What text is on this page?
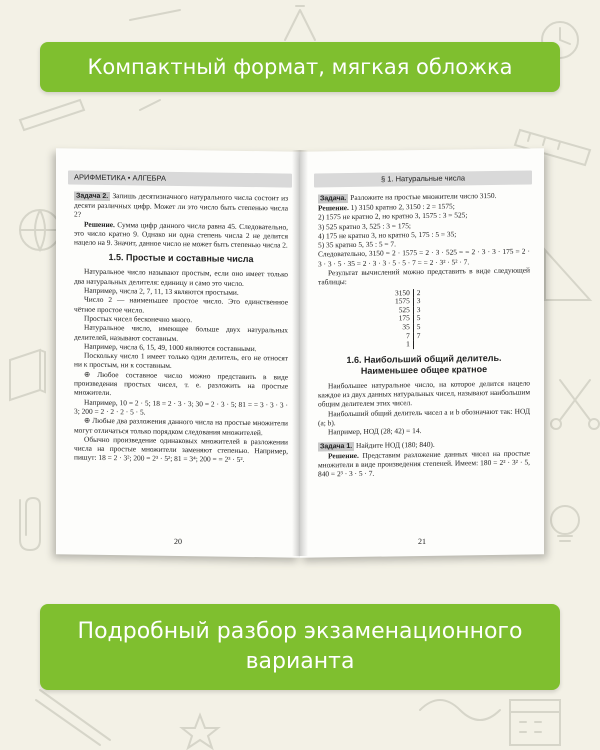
Компактный формат, мягкая обложка
АРИФМЕТИКА • АЛГЕБРА

Задача 2. Запишь десятизначного натурального числа состоит из десяти различных цифр. Может ли это число быть степенью числа 2?

Решение. Сумма цифр данного числа равна 45. Следовательно, это число кратно 9. Однако ни одна степень числа 2 не делится нацело на 9. Значит, данное число не может быть степенью числа 2.

1.5. Простые и составные числа

Натуральное число называют простым, если оно имеет только два натуральных делителя: единицу и само это число.

Например, числа 2, 7, 11, 13 являются простыми.

Число 2 — наименьшее простое число. Это единственное чётное простое число.

Простых чисел бесконечно много.

Натуральное число, имеющее больше двух натуральных делителей, называют составным.

Например, числа 6, 15, 49, 1000 являются составными.

Поскольку число 1 имеет только один делитель, его не относят ни к простым, ни к составным.

⊕ Любое составное число можно представить в виде произведения простых чисел, т. е. разложить на простые множители.

Например, 10 = 2 · 5; 18 = 2 · 3 · 3; 30 = 2 · 3 · 5; 81 = = 3 · 3 · 3 · 3; 200 = 2 · 2 · 2 · 5 · 5.

⊕ Любые два разложения данного числа на простые множители могут отличаться только порядком следования множителей.

Обычно произведение одинаковых множителей в разложении числа на простые множители заменяют степенью. Например, пишут: 18 = 2 · 3²; 200 = 2³ · 5²; 81 = 3⁴; 200 = = 2³ · 5².

20
§ 1. Натуральные числа

Задача. Разложите на простые множители число 3150.

Решение. 1) 3150 кратно 2, 3150 : 2 = 1575;

2) 1575 не кратно 2, но кратно 3, 1575 : 3 = 525;

3) 525 кратно 3, 525 : 3 = 175;

4) 175 не кратно 3, но кратно 5, 175 : 5 = 35;

5) 35 кратно 5, 35 : 5 = 7.

Следовательно, 3150 = 2 · 1575 = 2 · 3 · 525 = = 2 · 3 · 3 · 175 = 2 · 3 · 3 · 5 · 35 = 2 · 3 · 3 · 5 · 5 · 7 = = 2 · 3² · 5² · 7.

Результат вычислений можно представить в виде следующей таблицы:

3150	2
1575	3
525	3
175	5
35	5
7	7
1	
1.6. Наибольший общий делитель.
Наименьшее общее кратное

Наибольшее натуральное число, на которое делится нацело каждое из двух данных натуральных чисел, называют наибольшим общим делителем этих чисел.

Наибольший общий делитель чисел a и b обозначают так: НОД (a; b).

Например, НОД (28; 42) = 14.

Задача 1. Найдите НОД (180; 840).

Решение. Представим разложение данных чисел на простые множители в виде произведения степеней. Имеем: 180 = 2² · 3² · 5, 840 = 2³ · 3 · 5 · 7.

21
Подробный разбор экзаменационного
варианта
